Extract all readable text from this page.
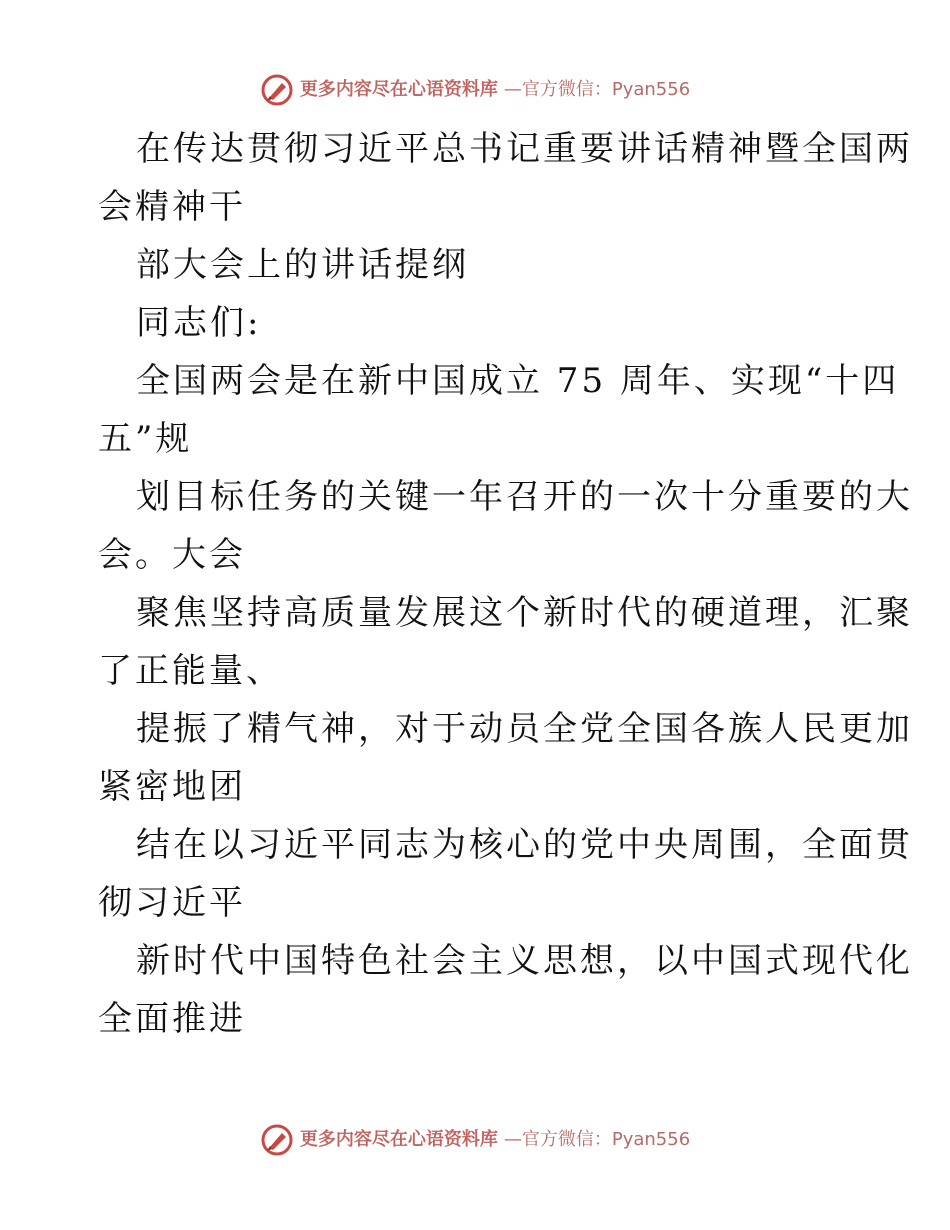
更多内容尽在心语资料库 —官方微信：Pyan556

在传达贯彻习近平总书记重要讲话精神暨全国两
会精神干

部大会上的讲话提纲

同志们:

全国两会是在新中国成立 75 周年、实现“十四
五”规

划目标任务的关键一年召开的一次十分重要的大
会。大会

聚焦坚持高质量发展这个新时代的硬道理，汇聚
了正能量、

提振了精气神，对于动员全党全国各族人民更加
紧密地团

结在以习近平同志为核心的党中央周围，全面贯
彻习近平

新时代中国特色社会主义思想，以中国式现代化
全面推进

更多内容尽在心语资料库 —官方微信：Pyan556
